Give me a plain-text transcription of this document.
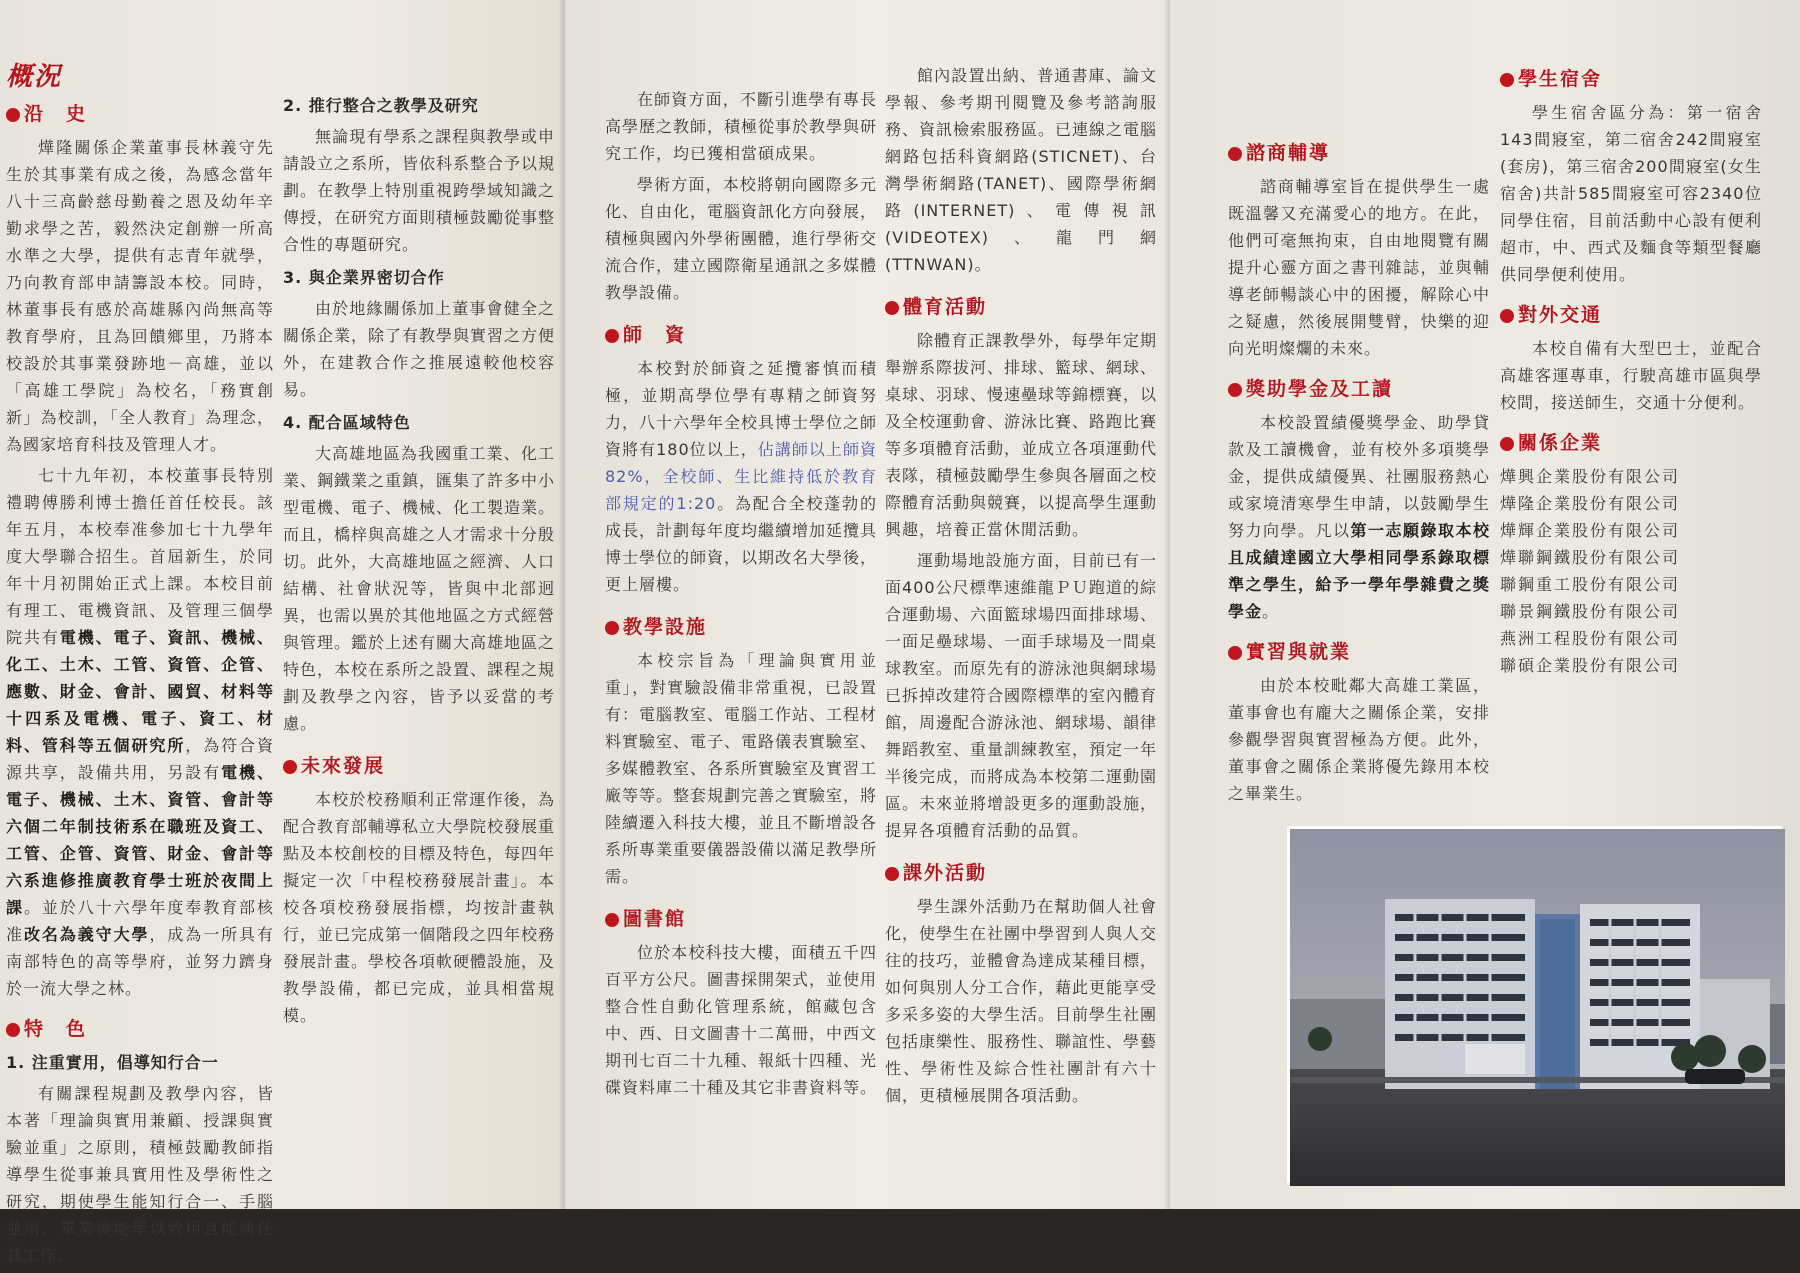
概況
沿　史

燁隆關係企業董事長林義守先生於其事業有成之後，為感念當年八十三高齡慈母勤養之恩及幼年辛勤求學之苦，毅然決定創辦一所高水準之大學，提供有志青年就學，乃向教育部申請籌設本校。同時，林董事長有感於高雄縣內尚無高等教育學府，且為回饋鄉里，乃將本校設於其事業發跡地－高雄，並以「高雄工學院」為校名，「務實創新」為校訓，「全人教育」為理念，為國家培育科技及管理人才。

七十九年初，本校董事長特別禮聘傅勝利博士擔任首任校長。該年五月，本校奉准參加七十九學年度大學聯合招生。首屆新生，於同年十月初開始正式上課。本校目前有理工、電機資訊、及管理三個學院共有電機、電子、資訊、機械、化工、土木、工管、資管、企管、應數、財金、會計、國貿、材料等十四系及電機、電子、資工、材料、管科等五個研究所，為符合資源共享，設備共用，另設有電機、電子、機械、土木、資管、會計等六個二年制技術系在職班及資工、工管、企管、資管、財金、會計等六系進修推廣教育學士班於夜間上課。並於八十六學年度奉教育部核准改名為義守大學，成為一所具有南部特色的高等學府，並努力躋身於一流大學之林。

特　色

1. 注重實用，倡導知行合一

有關課程規劃及教學內容，皆本著「理論與實用兼顧、授課與實驗並重」之原則，積極鼓勵教師指導學生從事兼具實用性及學術性之研究，期使學生能知行合一、手腦並用，畢業後能學以致用且能勝任其工作。

2. 推行整合之教學及研究

無論現有學系之課程與教學或申請設立之系所，皆依科系整合予以規劃。在教學上特別重視跨學域知識之傳授，在研究方面則積極鼓勵從事整合性的專題研究。

3. 與企業界密切合作

由於地緣關係加上董事會健全之關係企業，除了有教學與實習之方便外，在建教合作之推展遠較他校容易。

4. 配合區域特色

大高雄地區為我國重工業、化工業、鋼鐵業之重鎮，匯集了許多中小型電機、電子、機械、化工製造業。而且，橋梓與高雄之人才需求十分殷切。此外，大高雄地區之經濟、人口結構、社會狀況等，皆與中北部迥異，也需以異於其他地區之方式經營與管理。鑑於上述有關大高雄地區之特色，本校在系所之設置、課程之規劃及教學之內容，皆予以妥當的考慮。

未來發展

本校於校務順利正常運作後，為配合教育部輔導私立大學院校發展重點及本校創校的目標及特色，每四年擬定一次「中程校務發展計畫」。本校各項校務發展指標，均按計畫執行，並已完成第一個階段之四年校務發展計畫。學校各項軟硬體設施，及教學設備，都已完成，並具相當規模。

在師資方面，不斷引進學有專長高學歷之教師，積極從事於教學與研究工作，均已獲相當碩成果。

學術方面，本校將朝向國際多元化、自由化，電腦資訊化方向發展，積極與國內外學術團體，進行學術交流合作，建立國際衛星通訊之多媒體教學設備。

師　資

本校對於師資之延攬審慎而積極，並期高學位學有專精之師資努力，八十六學年全校具博士學位之師資將有180位以上，佔講師以上師資 82%，全校師、生比維持低於教育部規定的1:20。為配合全校蓬勃的成長，計劃每年度均繼續增加延攬具博士學位的師資，以期改名大學後，更上層樓。

教學設施

本校宗旨為「理論與實用並重」，對實驗設備非常重視，已設置有：電腦教室、電腦工作站、工程材料實驗室、電子、電路儀表實驗室、多媒體教室、各系所實驗室及實習工廠等等。整套規劃完善之實驗室，將陸續遷入科技大樓，並且不斷增設各系所專業重要儀器設備以滿足教學所需。

圖書館

位於本校科技大樓，面積五千四百平方公尺。圖書採開架式，並使用整合性自動化管理系統，館藏包含中、西、日文圖書十二萬冊，中西文期刊七百二十九種、報紙十四種、光碟資料庫二十種及其它非書資料等。

館內設置出納、普通書庫、論文學報、參考期刊閱覽及參考諮詢服務、資訊檢索服務區。已連線之電腦網路包括科資網路(STICNET)、台灣學術網路(TANET)、國際學術網路(INTERNET)、電傳視訊(VIDEOTEX)、龍門網(TTNWAN)。

體育活動

除體育正課教學外，每學年定期舉辦系際拔河、排球、籃球、網球、桌球、羽球、慢速壘球等錦標賽，以及全校運動會、游泳比賽、路跑比賽等多項體育活動，並成立各項運動代表隊，積極鼓勵學生參與各層面之校際體育活動與競賽，以提高學生運動興趣，培養正當休閒活動。

運動場地設施方面，目前已有一面400公尺標準速維龍ＰＵ跑道的綜合運動場、六面籃球場四面排球場、一面足壘球場、一面手球場及一間桌球教室。而原先有的游泳池與網球場已拆掉改建符合國際標準的室內體育館，周邊配合游泳池、網球場、韻律舞蹈教室、重量訓練教室，預定一年半後完成，而將成為本校第二運動園區。未來並將增設更多的運動設施，提昇各項體育活動的品質。

課外活動

學生課外活動乃在幫助個人社會化，使學生在社團中學習到人與人交往的技巧，並體會為達成某種目標，如何與別人分工合作，藉此更能享受多采多姿的大學生活。目前學生社團包括康樂性、服務性、聯誼性、學藝性、學術性及綜合性社團計有六十個，更積極展開各項活動。

諮商輔導

諮商輔導室旨在提供學生一處既溫馨又充滿愛心的地方。在此，他們可毫無拘束，自由地閱覽有關提升心靈方面之書刊雜誌，並與輔導老師暢談心中的困擾，解除心中之疑慮，然後展開雙臂，快樂的迎向光明燦爛的未來。

獎助學金及工讀

本校設置績優獎學金、助學貸款及工讀機會，並有校外多項獎學金，提供成績優異、社團服務熱心或家境清寒學生申請，以鼓勵學生努力向學。凡以第一志願錄取本校且成績達國立大學相同學系錄取標準之學生，給予一學年學雜費之獎學金。

實習與就業

由於本校毗鄰大高雄工業區，董事會也有龐大之關係企業，安排參觀學習與實習極為方便。此外，董事會之關係企業將優先錄用本校之畢業生。

學生宿舍

學生宿舍區分為：第一宿舍143間寢室，第二宿舍242間寢室(套房)，第三宿舍200間寢室(女生宿舍)共計585間寢室可容2340位同學住宿，目前活動中心設有便利超市，中、西式及麵食等類型餐廳供同學便利使用。

對外交通

本校自備有大型巴士，並配合高雄客運專車，行駛高雄市區與學校間，接送師生，交通十分便利。

關係企業
燁興企業股份有限公司
燁隆企業股份有限公司
燁輝企業股份有限公司
燁聯鋼鐵股份有限公司
聯鋼重工股份有限公司
聯景鋼鐵股份有限公司
燕洲工程股份有限公司
聯碩企業股份有限公司
